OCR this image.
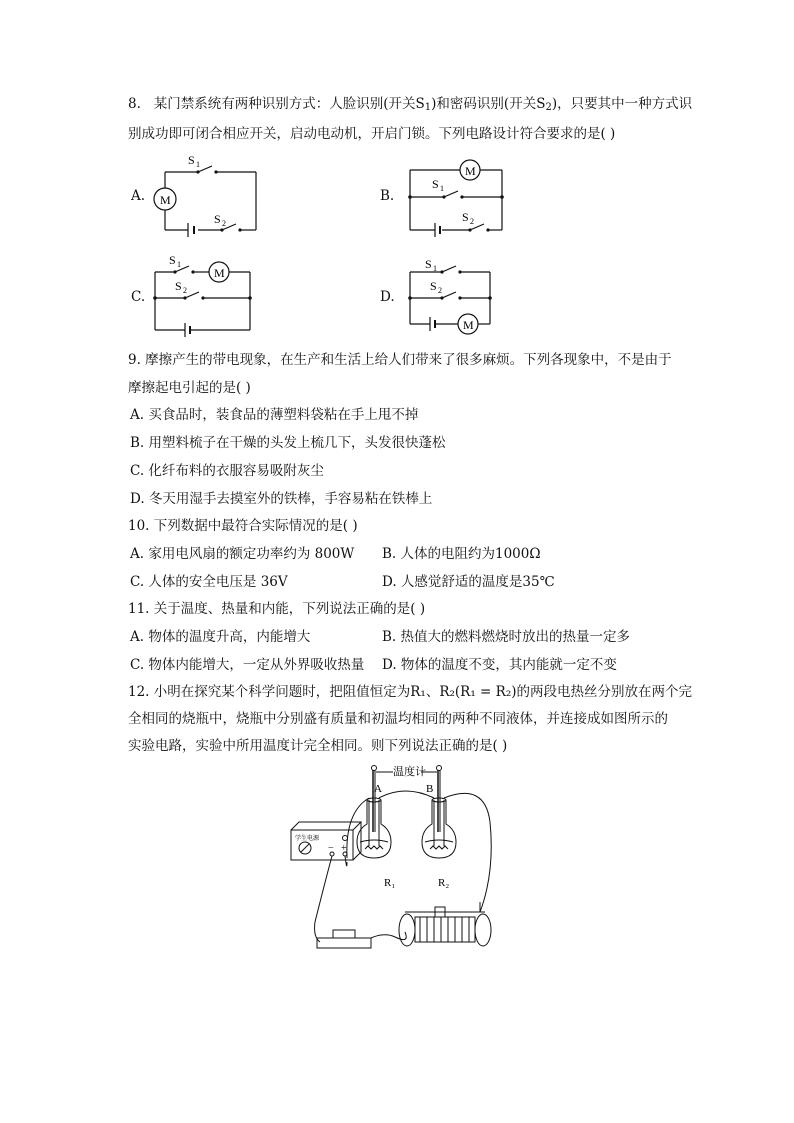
8. 某门禁系统有两种识别方式：人脸识别(开关$S_1$)和密码识别(开关$S_2$)，只要其中一种方式识
别成功即可闭合相应开关，启动电动机，开启门锁。下列电路设计符合要求的是( )
A.	B.
C.	D.
S 1
S 2
M
S 1
S 2
M
S 1
S 2
M
S 1
S 2
M
9. 摩擦产生的带电现象，在生产和生活上给人们带来了很多麻烦。下列各现象中，不是由于
摩擦起电引起的是( )
A. 买食品时，装食品的薄塑料袋粘在手上甩不掉
B. 用塑料梳子在干燥的头发上梳几下，头发很快蓬松
C. 化纤布料的衣服容易吸附灰尘
D. 冬天用湿手去摸室外的铁棒，手容易粘在铁棒上
10. 下列数据中最符合实际情况的是( )
A. 家用电风扇的额定功率约为 800W B. 人体的电阻约为1000Ω
C. 人体的安全电压是 36V	D. 人感觉舒适的温度是35℃
11. 关于温度、热量和内能，下列说法正确的是( )
A. 物体的温度升高，内能增大	B. 热值大的燃料燃烧时放出的热量一定多
C. 物体内能增大，一定从外界吸收热量 D. 物体的温度不变，其内能就一定不变
12. 小明在探究某个科学问题时，把阻值恒定为R₁、R₂(R₁ = R₂)的两段电热丝分别放在两个完
全相同的烧瓶中，烧瓶中分别盛有质量和初温均相同的两种不同液体，并连接成如图所示的
实验电路，实验中所用温度计完全相同。则下列说法正确的是( )
温度计
A	B
R₁	R₂
学生电源
− +
